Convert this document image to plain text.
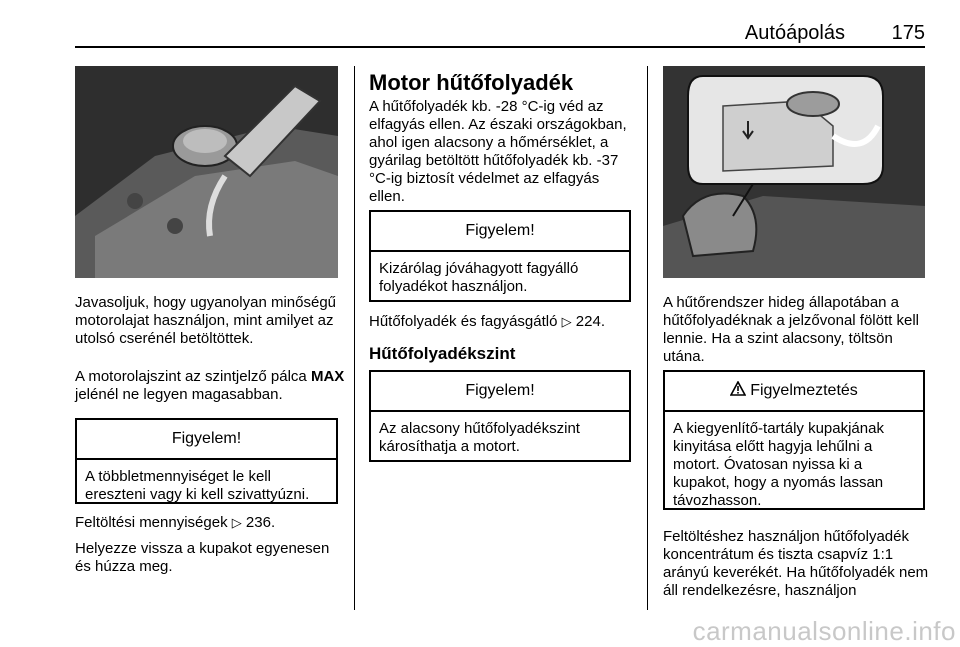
Autóápolás 175

Javasoljuk, hogy ugyanolyan minőségű motorolajat használjon, mint amilyet az utolsó cserénél betöltöttek.

A motorolajszint az szintjelző pálca MAX jelénél ne legyen magasabban.

Figyelem!
A többletmennyiséget le kell ereszteni vagy ki kell szivattyúzni.

Feltöltési mennyiségek ▷ 236.

Helyezze vissza a kupakot egyenesen és húzza meg.

Motor hűtőfolyadék

A hűtőfolyadék kb. -28 °C-ig véd az elfagyás ellen. Az északi országokban, ahol igen alacsony a hőmérséklet, a gyárilag betöltött hűtőfolyadék kb. -37 °C-ig biztosít védelmet az elfagyás ellen.

Figyelem!
Kizárólag jóváhagyott fagyálló folyadékot használjon.

Hűtőfolyadék és fagyásgátló ▷ 224.

Hűtőfolyadékszint
Figyelem!
Az alacsony hűtőfolyadékszint károsíthatja a motort.

A hűtőrendszer hideg állapotában a hűtőfolyadéknak a jelzővonal fölött kell lennie. Ha a szint alacsony, töltsön utána.

Figyelmeztetés
A kiegyenlítő-tartály kupakjának kinyitása előtt hagyja lehűlni a motort. Óvatosan nyissa ki a kupakot, hogy a nyomás lassan távozhasson.

Feltöltéshez használjon hűtőfolyadék koncentrátum és tiszta csapvíz 1:1 arányú keverékét. Ha hűtőfolyadék nem áll rendelkezésre, használjon

carmanualsonline.info
